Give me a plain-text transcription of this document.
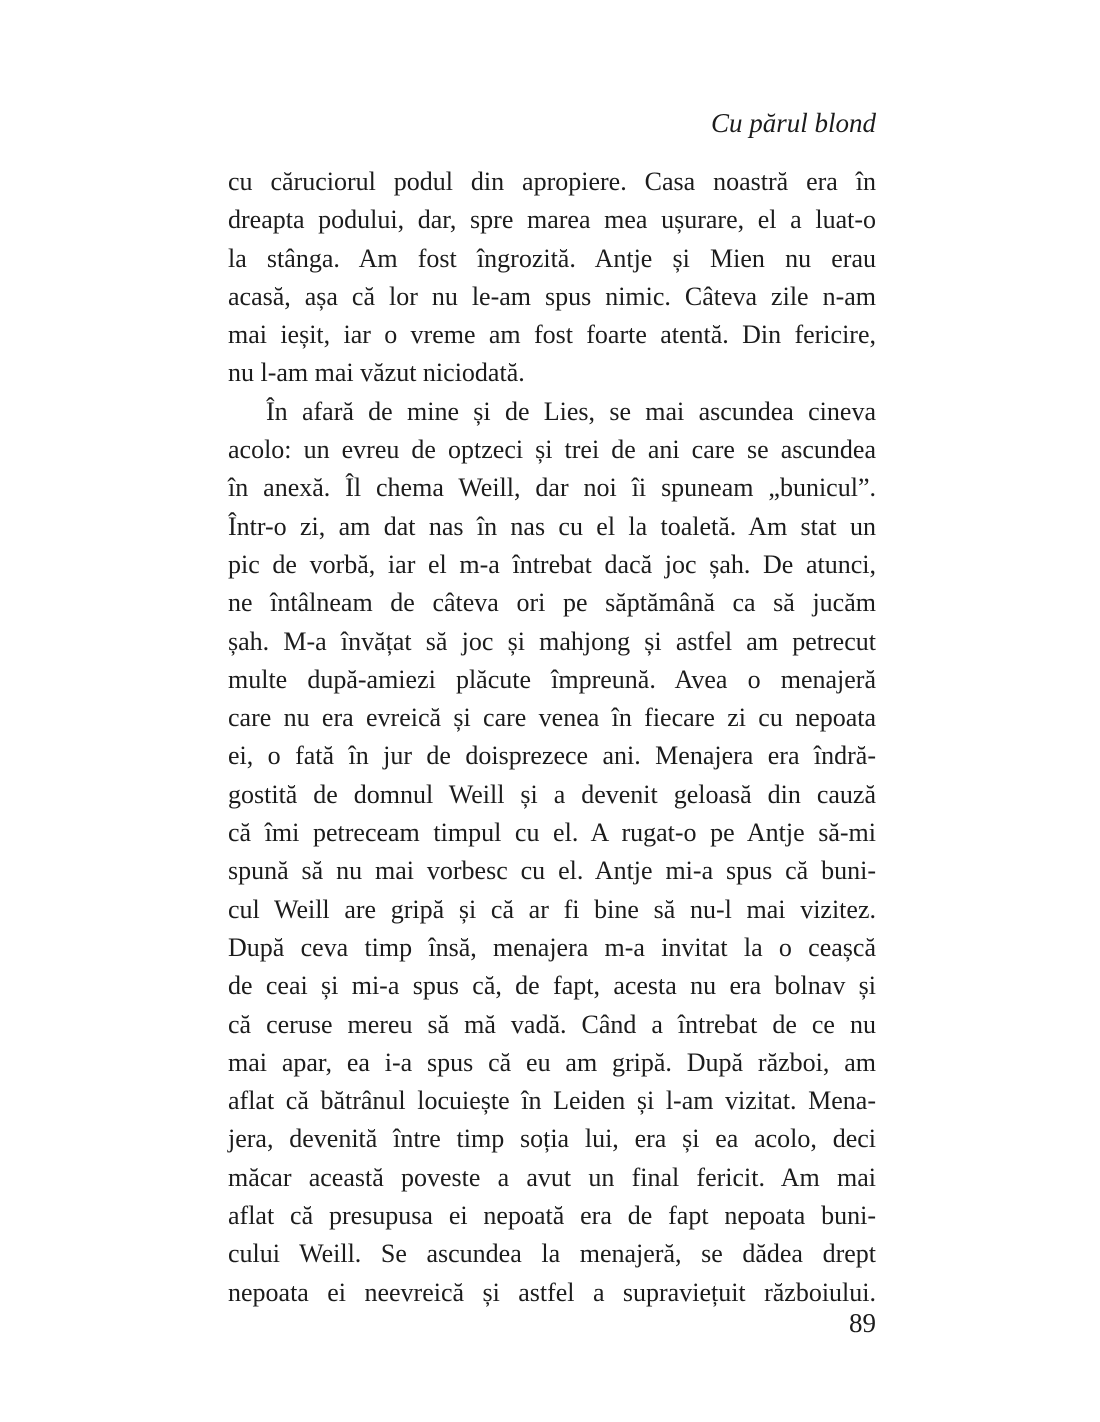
Cu părul blond
cu căruciorul podul din apropiere. Casa noastră era în
dreapta podului, dar, spre marea mea ușurare, el a luat-o
la stânga. Am fost îngrozită. Antje și Mien nu erau
acasă, așa că lor nu le-am spus nimic. Câteva zile n-am
mai ieșit, iar o vreme am fost foarte atentă. Din fericire,
nu l-am mai văzut niciodată.
În afară de mine și de Lies, se mai ascundea cineva
acolo: un evreu de optzeci și trei de ani care se ascundea
în anexă. Îl chema Weill, dar noi îi spuneam „bunicul”.
Într-o zi, am dat nas în nas cu el la toaletă. Am stat un
pic de vorbă, iar el m-a întrebat dacă joc șah. De atunci,
ne întâlneam de câteva ori pe săptămână ca să jucăm
șah. M-a învățat să joc și mahjong și astfel am petrecut
multe după-amiezi plăcute împreună. Avea o menajeră
care nu era evreică și care venea în fiecare zi cu nepoata
ei, o fată în jur de doisprezece ani. Menajera era îndră-
gostită de domnul Weill și a devenit geloasă din cauză
că îmi petreceam timpul cu el. A rugat-o pe Antje să-mi
spună să nu mai vorbesc cu el. Antje mi-a spus că buni-
cul Weill are gripă și că ar fi bine să nu-l mai vizitez.
După ceva timp însă, menajera m-a invitat la o ceașcă
de ceai și mi-a spus că, de fapt, acesta nu era bolnav și
că ceruse mereu să mă vadă. Când a întrebat de ce nu
mai apar, ea i-a spus că eu am gripă. După război, am
aflat că bătrânul locuiește în Leiden și l-am vizitat. Mena-
jera, devenită între timp soția lui, era și ea acolo, deci
măcar această poveste a avut un final fericit. Am mai
aflat că presupusa ei nepoată era de fapt nepoata buni-
cului Weill. Se ascundea la menajeră, se dădea drept
nepoata ei neevreică și astfel a supraviețuit războiului.
89
